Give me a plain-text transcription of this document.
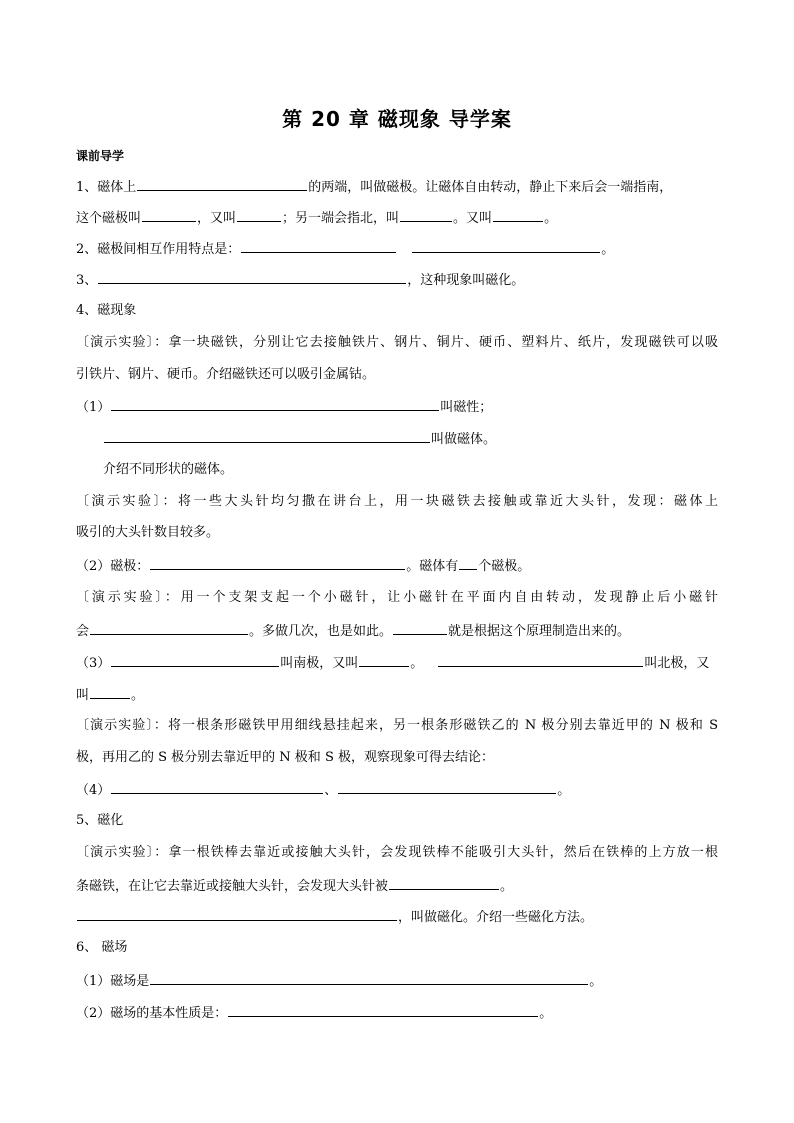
第 20 章 磁现象 导学案
课前导学
1、磁体上	的两端，叫做磁极。让磁体自由转动，静止下来后会一端指南，
这个磁极叫	，又叫	；另一端会指北，叫	。又叫	。
2、磁极间相互作用特点是：	。
3、	，这种现象叫磁化。
4、磁现象
〔演示实验〕：拿一块磁铁，分别让它去接触铁片、钢片、铜片、硬币、塑料片、纸片，发现磁铁可以吸
引铁片、钢片、硬币。介绍磁铁还可以吸引金属钴。
（1）	叫磁性；
叫做磁体。
介绍不同形状的磁体。
〔演示实验〕：将一些大头针均匀撒在讲台上，用一块磁铁去接触或靠近大头针，发现：磁体上
吸引的大头针数目较多。
（2）磁极：	。磁体有 个磁极。
〔演示实验〕：用一个支架支起一个小磁针，让小磁针在平面内自由转动，发现静止后小磁针
会	。多做几次，也是如此。	就是根据这个原理制造出来的。
（3）	叫南极，又叫	。	叫北极，又
叫	。
〔演示实验〕：将一根条形磁铁甲用细线悬挂起来，另一根条形磁铁乙的 N 极分别去靠近甲的 N 极和 S
极，再用乙的 S 极分别去靠近甲的 N 极和 S 极，观察现象可得去结论：
（4）	、	。
5、磁化
〔演示实验〕：拿一根铁棒去靠近或接触大头针，会发现铁棒不能吸引大头针，然后在铁棒的上方放一根
条磁铁，在让它去靠近或接触大头针，会发现大头针被	。
，叫做磁化。介绍一些磁化方法。
6、 磁场
（1）磁场是	。
（2）磁场的基本性质是：	。
